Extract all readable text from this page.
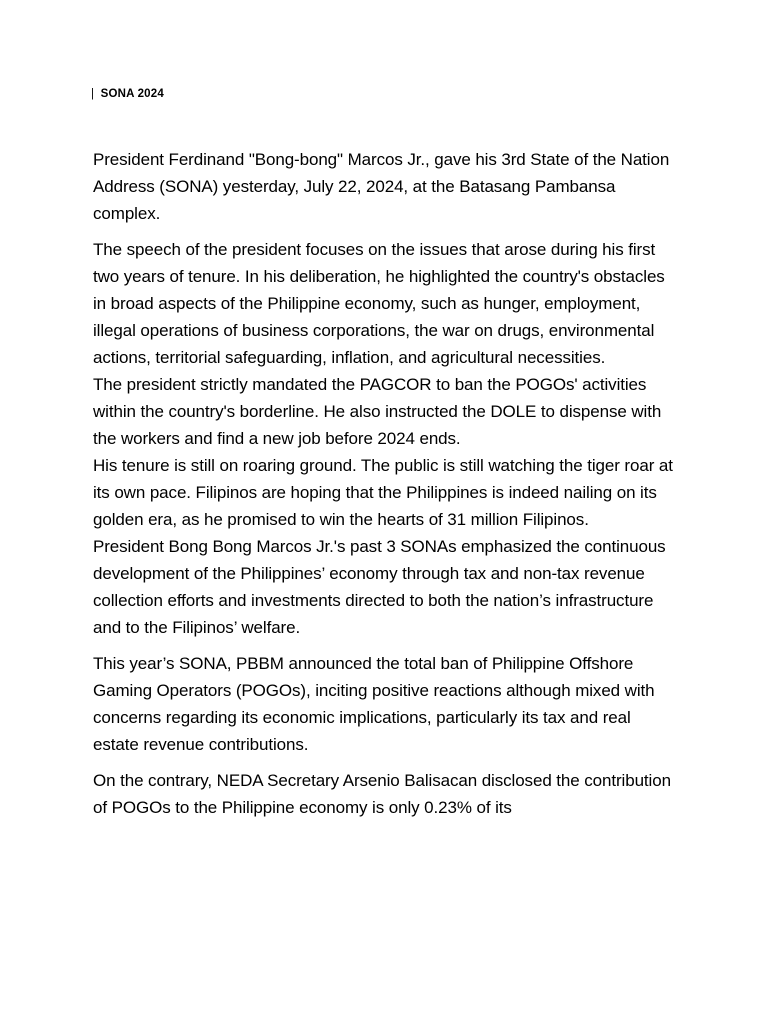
| SONA 2024

President Ferdinand "Bong-bong" Marcos Jr., gave his 3rd State of the Nation Address (SONA) yesterday, July 22, 2024, at the Batasang Pambansa complex.

The speech of the president focuses on the issues that arose during his first two years of tenure. In his deliberation, he highlighted the country's obstacles in broad aspects of the Philippine economy, such as hunger, employment, illegal operations of business corporations, the war on drugs, environmental actions, territorial safeguarding, inflation, and agricultural necessities.

The president strictly mandated the PAGCOR to ban the POGOs' activities within the country's borderline. He also instructed the DOLE to dispense with the workers and find a new job before 2024 ends.

His tenure is still on roaring ground. The public is still watching the tiger roar at its own pace. Filipinos are hoping that the Philippines is indeed nailing on its golden era, as he promised to win the hearts of 31 million Filipinos.

President Bong Bong Marcos Jr.'s past 3 SONAs emphasized the continuous development of the Philippines’ economy through tax and non-tax revenue collection efforts and investments directed to both the nation’s infrastructure and to the Filipinos’ welfare.

This year’s SONA, PBBM announced the total ban of Philippine Offshore Gaming Operators (POGOs), inciting positive reactions although mixed with concerns regarding its economic implications, particularly its tax and real estate revenue contributions.

On the contrary, NEDA Secretary Arsenio Balisacan disclosed the contribution of POGOs to the Philippine economy is only 0.23% of its
